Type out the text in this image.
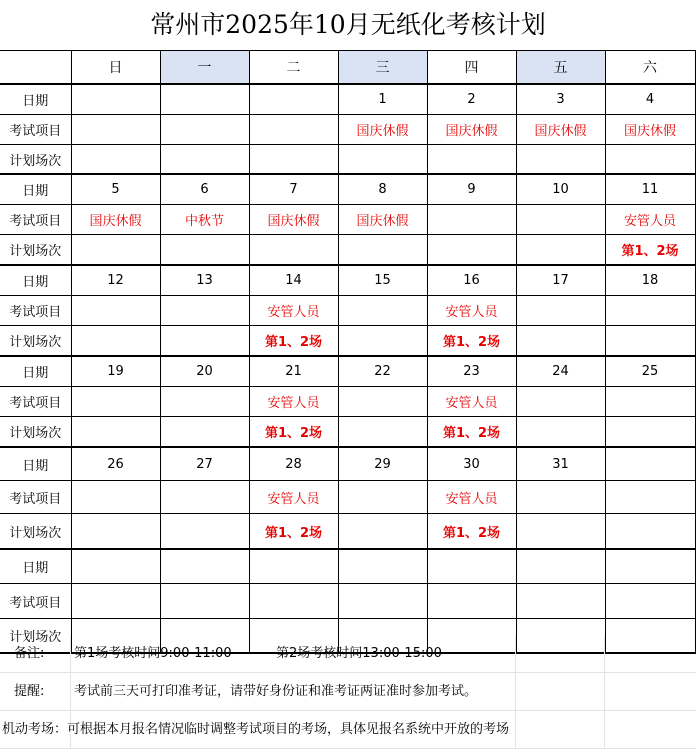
常州市2025年10月无纸化考核计划
	日	一	二	三	四	五	六
日期				1	2	3	4
考试项目				国庆休假	国庆休假	国庆休假	国庆休假
计划场次							
日期	5	6	7	8	9	10	11
考试项目	国庆休假	中秋节	国庆休假	国庆休假			安管人员
计划场次							第1、2场
日期	12	13	14	15	16	17	18
考试项目			安管人员		安管人员		
计划场次			第1、2场		第1、2场		
日期	19	20	21	22	23	24	25
考试项目			安管人员		安管人员		
计划场次			第1、2场		第1、2场		
日期	26	27	28	29	30	31	
考试项目			安管人员		安管人员		
计划场次			第1、2场		第1、2场		
日期							
考试项目							
计划场次							
备注: 第1场考核时间9:00-11:00	第2场考核时间13:00-15:00
提醒: 考试前三天可打印准考证，请带好身份证和准考证两证准时参加考试。
机动考场：可根据本月报名情况临时调整考试项目的考场，具体见报名系统中开放的考场
